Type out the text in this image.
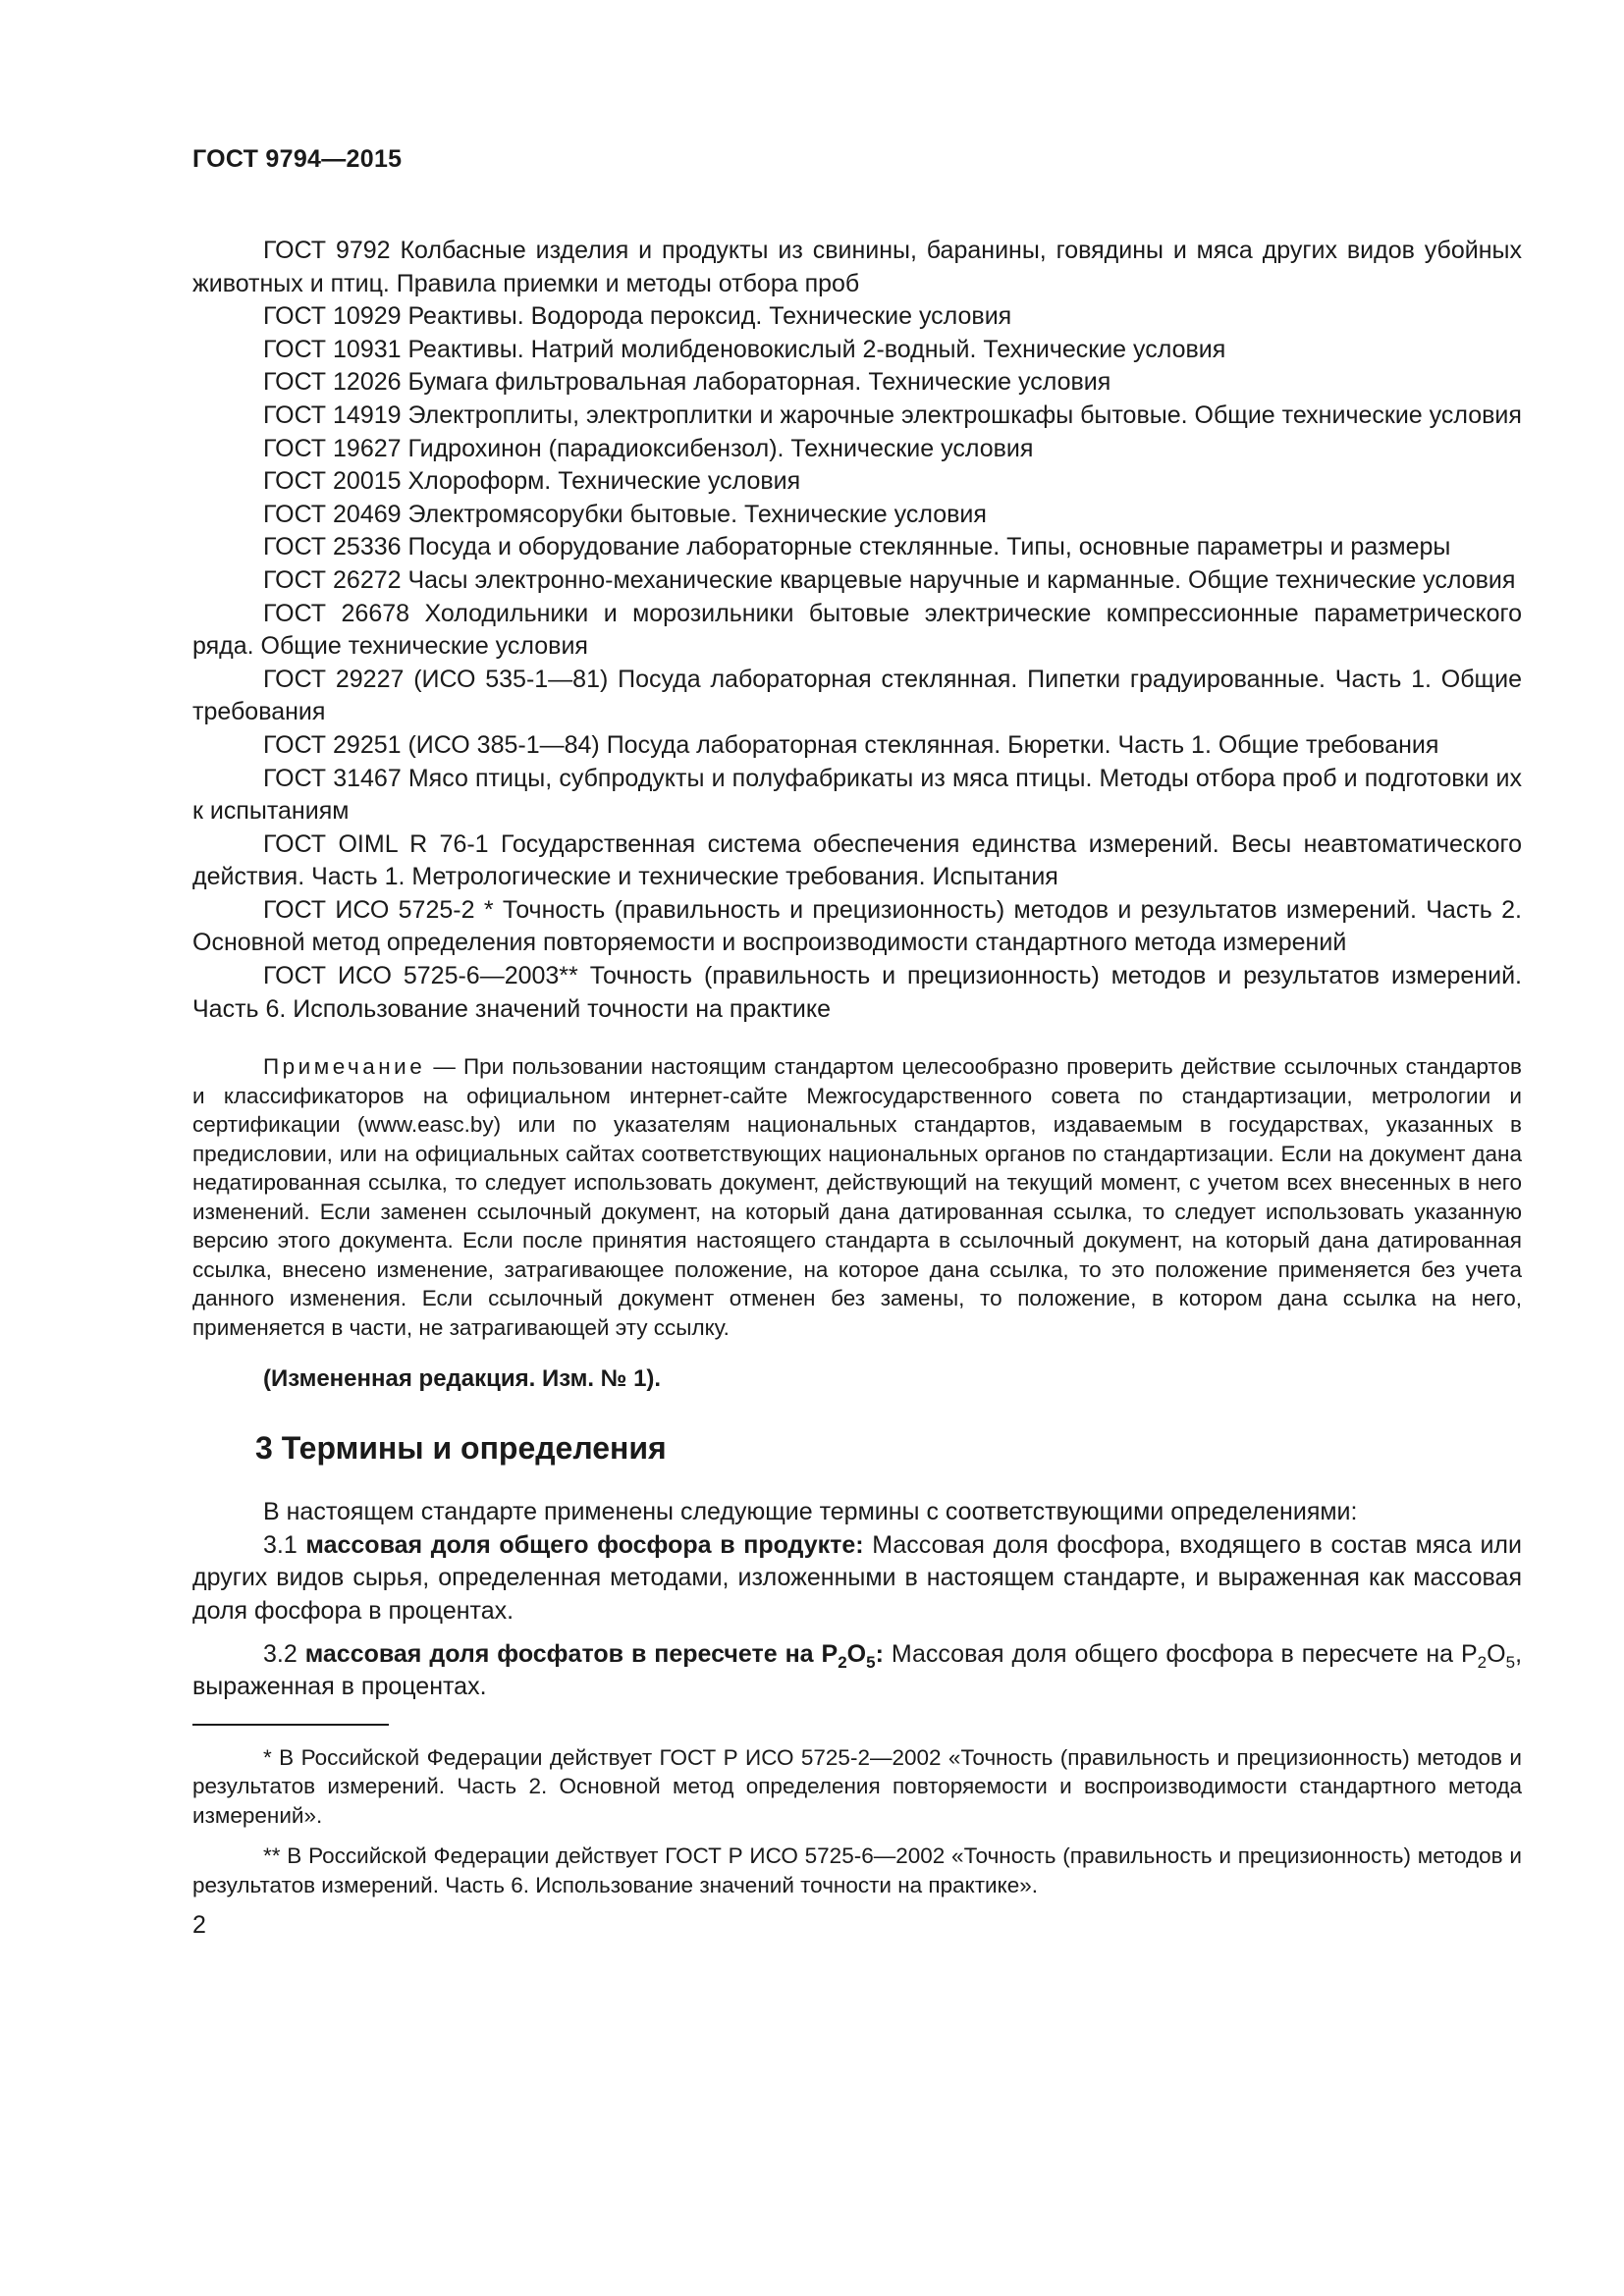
ГОСТ 9794—2015

ГОСТ 9792 Колбасные изделия и продукты из свинины, баранины, говядины и мяса других видов убойных животных и птиц. Правила приемки и методы отбора проб

ГОСТ 10929 Реактивы. Водорода пероксид. Технические условия

ГОСТ 10931 Реактивы. Натрий молибденовокислый 2-водный. Технические условия

ГОСТ 12026 Бумага фильтровальная лабораторная. Технические условия

ГОСТ 14919 Электроплиты, электроплитки и жарочные электрошкафы бытовые. Общие технические условия

ГОСТ 19627 Гидрохинон (парадиоксибензол). Технические условия

ГОСТ 20015 Хлороформ. Технические условия

ГОСТ 20469 Электромясорубки бытовые. Технические условия

ГОСТ 25336 Посуда и оборудование лабораторные стеклянные. Типы, основные параметры и размеры

ГОСТ 26272 Часы электронно-механические кварцевые наручные и карманные. Общие технические условия

ГОСТ 26678 Холодильники и морозильники бытовые электрические компрессионные параметрического ряда. Общие технические условия

ГОСТ 29227 (ИСО 535-1—81) Посуда лабораторная стеклянная. Пипетки градуированные. Часть 1. Общие требования

ГОСТ 29251 (ИСО 385-1—84) Посуда лабораторная стеклянная. Бюретки. Часть 1. Общие требования

ГОСТ 31467 Мясо птицы, субпродукты и полуфабрикаты из мяса птицы. Методы отбора проб и подготовки их к испытаниям

ГОСТ OIML R 76-1 Государственная система обеспечения единства измерений. Весы неавтоматического действия. Часть 1. Метрологические и технические требования. Испытания

ГОСТ ИСО 5725-2 * Точность (правильность и прецизионность) методов и результатов измерений. Часть 2. Основной метод определения повторяемости и воспроизводимости стандартного метода измерений

ГОСТ ИСО 5725-6—2003** Точность (правильность и прецизионность) методов и результатов измерений. Часть 6. Использование значений точности на практике

Примечание — При пользовании настоящим стандартом целесообразно проверить действие ссылочных стандартов и классификаторов на официальном интернет-сайте Межгосударственного совета по стандартизации, метрологии и сертификации (www.easc.by) или по указателям национальных стандартов, издаваемым в государствах, указанных в предисловии, или на официальных сайтах соответствующих национальных органов по стандартизации. Если на документ дана недатированная ссылка, то следует использовать документ, действующий на текущий момент, с учетом всех внесенных в него изменений. Если заменен ссылочный документ, на который дана датированная ссылка, то следует использовать указанную версию этого документа. Если после принятия настоящего стандарта в ссылочный документ, на который дана датированная ссылка, внесено изменение, затрагивающее положение, на которое дана ссылка, то это положение применяется без учета данного изменения. Если ссылочный документ отменен без замены, то положение, в котором дана ссылка на него, применяется в части, не затрагивающей эту ссылку.

(Измененная редакция. Изм. № 1).

3 Термины и определения

В настоящем стандарте применены следующие термины с соответствующими определениями:

3.1 массовая доля общего фосфора в продукте: Массовая доля фосфора, входящего в состав мяса или других видов сырья, определенная методами, изложенными в настоящем стандарте, и выраженная как массовая доля фосфора в процентах.

3.2 массовая доля фосфатов в пересчете на $Р_2О_5$: Массовая доля общего фосфора в пересчете на $Р_2О_5$, выраженная в процентах.

* В Российской Федерации действует ГОСТ Р ИСО 5725-2—2002 «Точность (правильность и прецизионность) методов и результатов измерений. Часть 2. Основной метод определения повторяемости и воспроизводимости стандартного метода измерений».

** В Российской Федерации действует ГОСТ Р ИСО 5725-6—2002 «Точность (правильность и прецизионность) методов и результатов измерений. Часть 6. Использование значений точности на практике».

2
